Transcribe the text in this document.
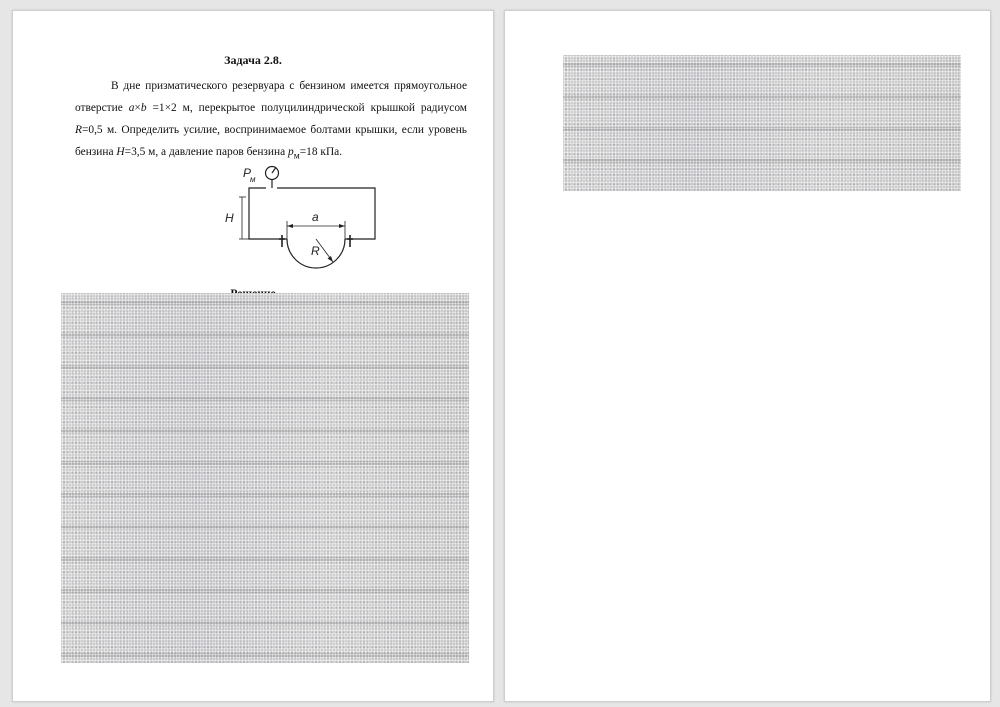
Задача 2.8.

В дне призматического резервуара с бензином имеется прямоугольное отверстие a×b =1×2 м, перекрытое полуцилиндрической крышкой радиусом R=0,5 м. Определить усилие, воспринимаемое болтами крышки, если уровень бензина H=3,5 м, а давление паров бензина $p_м=18$ кПа.

P
м
H	a
R
